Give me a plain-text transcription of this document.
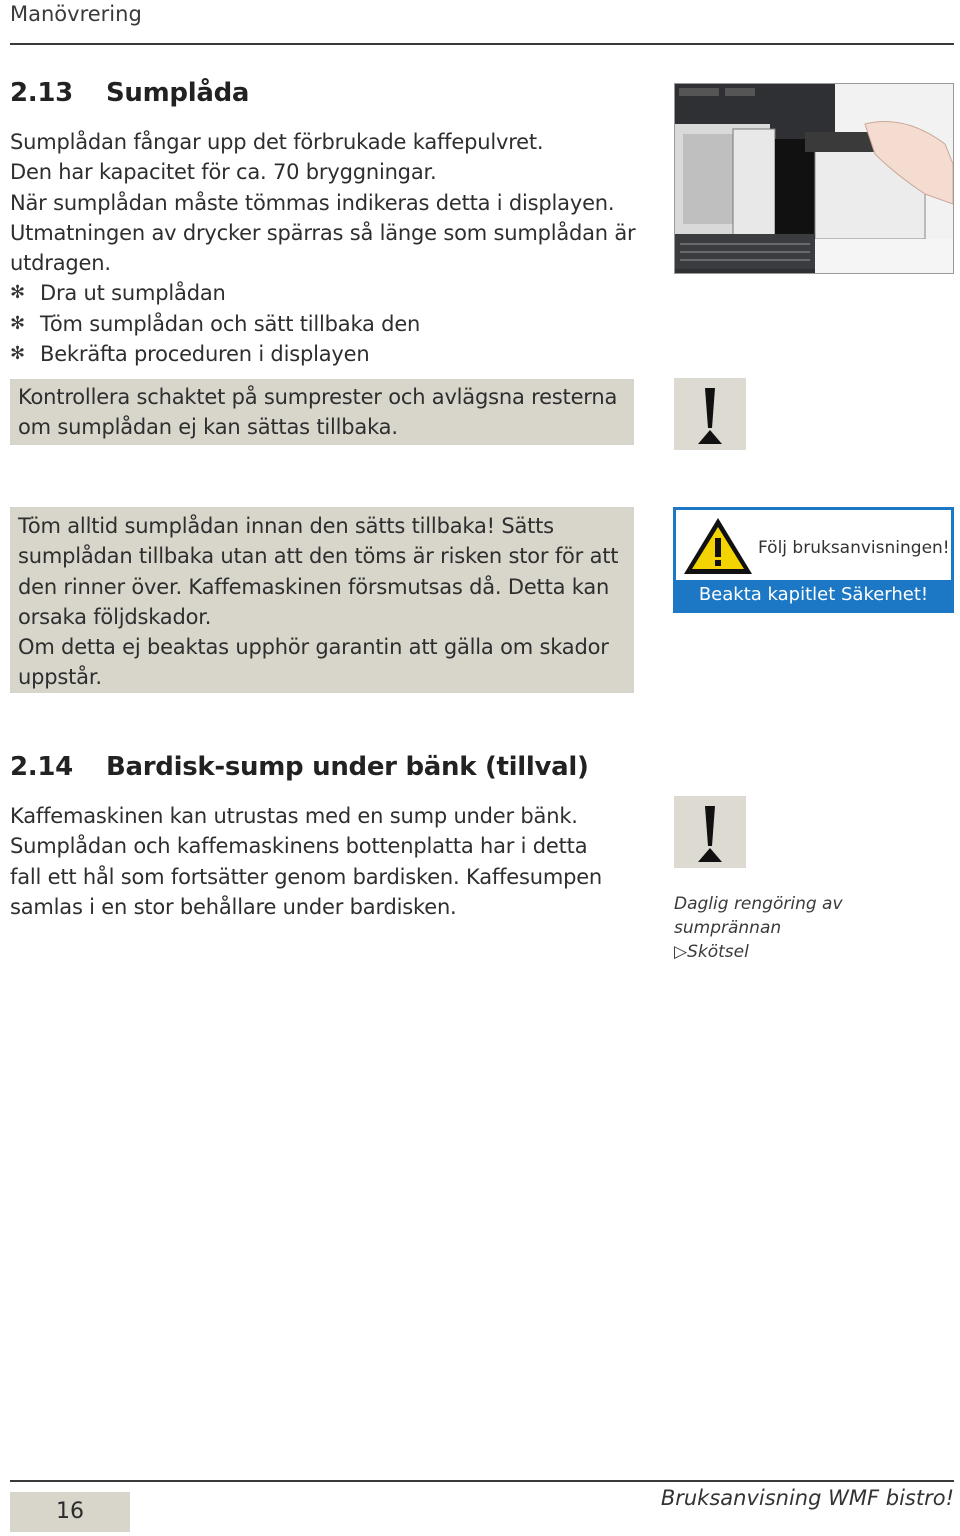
Manövrering
2.13 Sumplåda

Sumplådan fångar upp det förbrukade kaffepulvret.

Den har kapacitet för ca. 70 bryggningar.

När sumplådan måste tömmas indikeras detta i displayen.

Utmatningen av drycker spärras så länge som sumplådan är

utdragen.

✻ Dra ut sumplådan
✻ Töm sumplådan och sätt tillbaka den
✻ Bekräfta proceduren i displayen
Kontrollera schaktet på sumprester och avlägsna resterna
om sumplådan ej kan sättas tillbaka.
Töm alltid sumplådan innan den sätts tillbaka! Sätts
sumplådan tillbaka utan att den töms är risken stor för att
den rinner över. Kaffemaskinen försmutsas då. Detta kan
orsaka följdskador.
Om detta ej beaktas upphör garantin att gälla om skador
uppstår.
Följ bruksanvisningen!
Beakta kapitlet Säkerhet!
2.14 Bardisk-sump under bänk (tillval)

Kaffemaskinen kan utrustas med en sump under bänk.

Sumplådan och kaffemaskinens bottenplatta har i detta

fall ett hål som fortsätter genom bardisken. Kaffesumpen

samlas i en stor behållare under bardisken.	Daglig rengöring av sumprännan
▷Skötsel
16
Bruksanvisning WMF bistro!
